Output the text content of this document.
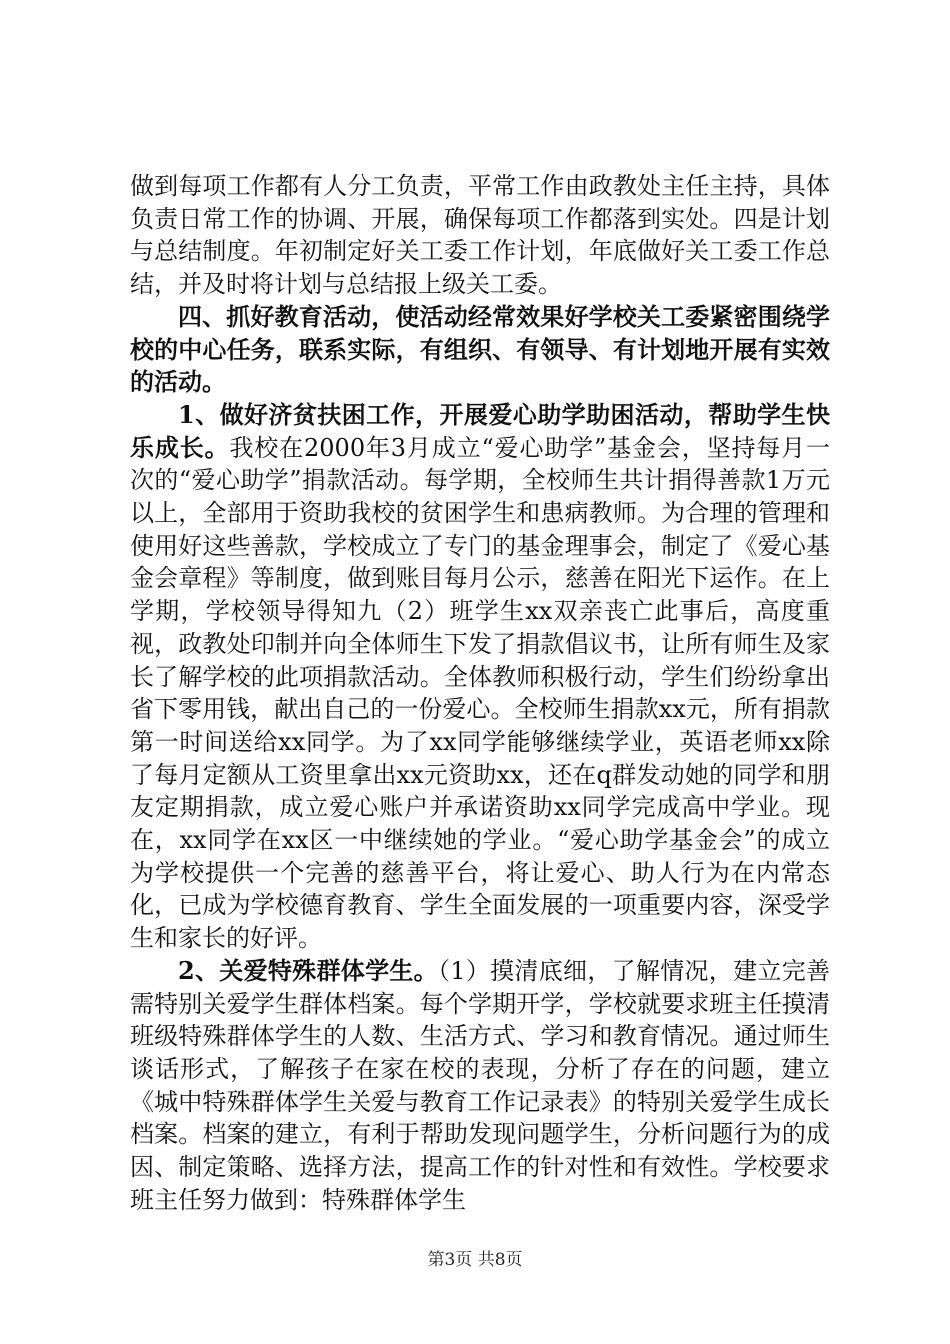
做到每项工作都有人分工负责，平常工作由政教处主任主持，具体负责日常工作的协调、开展，确保每项工作都落到实处。四是计划与总结制度。年初制定好关工委工作计划，年底做好关工委工作总结，并及时将计划与总结报上级关工委。

四、抓好教育活动，使活动经常效果好学校关工委紧密围绕学校的中心任务，联系实际，有组织、有领导、有计划地开展有实效的活动。

1、做好济贫扶困工作，开展爱心助学助困活动，帮助学生快乐成长。我校在2000年3月成立“爱心助学”基金会，坚持每月一次的“爱心助学”捐款活动。每学期，全校师生共计捐得善款1万元以上，全部用于资助我校的贫困学生和患病教师。为合理的管理和使用好这些善款，学校成立了专门的基金理事会，制定了《爱心基金会章程》等制度，做到账目每月公示，慈善在阳光下运作。在上学期，学校领导得知九（2）班学生xx双亲丧亡此事后，高度重视，政教处印制并向全体师生下发了捐款倡议书，让所有师生及家长了解学校的此项捐款活动。全体教师积极行动，学生们纷纷拿出省下零用钱，献出自己的一份爱心。全校师生捐款xx元，所有捐款第一时间送给xx同学。为了xx同学能够继续学业，英语老师xx除了每月定额从工资里拿出xx元资助xx，还在q群发动她的同学和朋友定期捐款，成立爱心账户并承诺资助xx同学完成高中学业。现在，xx同学在xx区一中继续她的学业。“爱心助学基金会”的成立为学校提供一个完善的慈善平台，将让爱心、助人行为在内常态化，已成为学校德育教育、学生全面发展的一项重要内容，深受学生和家长的好评。

2、关爱特殊群体学生。（1）摸清底细，了解情况，建立完善需特别关爱学生群体档案。每个学期开学，学校就要求班主任摸清班级特殊群体学生的人数、生活方式、学习和教育情况。通过师生谈话形式，了解孩子在家在校的表现，分析了存在的问题，建立《城中特殊群体学生关爱与教育工作记录表》的特别关爱学生成长档案。档案的建立，有利于帮助发现问题学生，分析问题行为的成因、制定策略、选择方法，提高工作的针对性和有效性。学校要求班主任努力做到：特殊群体学生

第3页 共8页
